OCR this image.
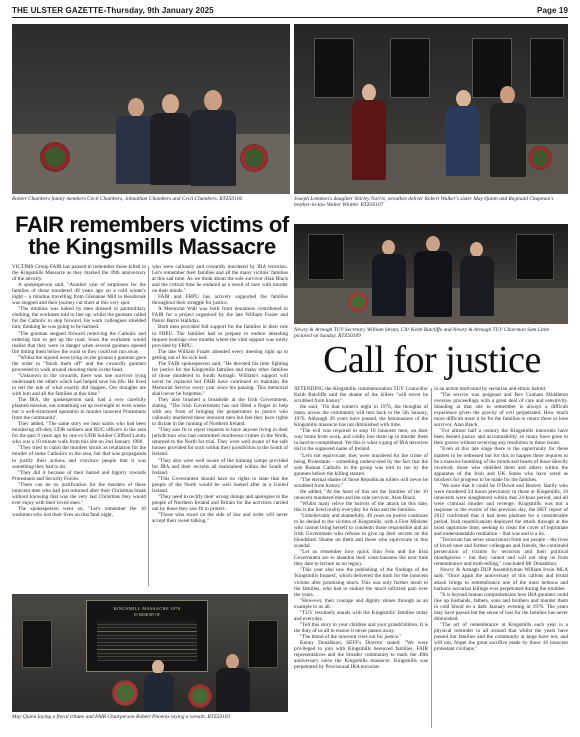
THE ULSTER GAZETTE-Thursday, 9th January 2025	Page 19
Robert Chambers family members Cecil Chambers, Johnathan Chambers and Cecil Chambers. RTZ50106	Joseph Lemmon's daughter Shirley Norris, wreathes deliver Robert Walker's sister May Quinn and Reginald Chapman's brother-in-law Walter Whittle. RTZ50107
FAIR remembers victims of the Kingsmills Massacre

VICTIMS Group FAIR has paused to remember those killed in the Kingsmills Massacre as they marked the 49th anniversary of the atrocity.

A spokesperson said, "Another year of emptiness for the families of those murdered 49 years ago on a cold winter's night – a minibus travelling from Glenanne Mill to Bessbrook was stopped and their journey cut short at this very spot.

"The minibus was halted by men dressed in paramilitary clothing, the workmen told to line up; whilst the gunman called for the Catholic to step forward, his work colleagues shielded him, thinking he was going to be harmed.

"The gunman stepped forward removing the Catholic and ordering him to get up the road. Soon the workmen would realise that they were in danger when several gunmen opened fire hitting them below the waist so they could not run away.

"Whilst the injured were lying on the ground a gunman gave the order to "finish them off" and the cowardly gunmen proceeded to walk around shooting them in the head.

"Unknown to the cowards, there was one survivor lying underneath the others which had helped save his life. He lived to tell the tale of what exactly did happen. Our thoughts are with him and all the families at this time."

The IRA, the spokesperson said, had a very carefully planned mission, not something set up overnight or even weeks but 'a well-structured operation to murder innocent Protestants from the community'.

They added, "The same story we hear saints who had been murdering off-duty UDR soldiers and RUC officers in the area for the past 9 years ago by one ex-UDR Soldier Clifford Lundy who was a 10 minute walk from this site on 2nd January 1980.

"They tried to claim the murders struck as retaliation for the murder of some Catholics in the area, but that was propaganda to justify their actions and convince people that it was something they had to do.

"They did it because of their hatred and bigotry towards Protestants and Security Forces.

"There can be no justification for the murders of these innocent men who had just returned after their Christmas break without knowing that was the very last Christmas they would ever enjoy with their loved ones."

The spokesperson went on, "Let's remember the 10 workmen who lost their lives on that fatal night,

who were callously and cowardly murdered by IRA terrorists. Let's remember their families and all the many victims' families at this sad time. As we think about the sole survivor Alan Black and the critical time he endured as a result of men with murder on their minds."

FAIR and FRPU has actively supported the families throughout their struggle for justice.

A Memorial Wall was built from donations contributed to FAIR for a project organised by the late William Frazer and Pastor Barrie Halliday.

Both men provided full support for the families in their role in FRPU. The families had to prepare to endure attending Inquest hearings over months where the vital support was solely provided by FRPU.

The late William Frazer attended every meeting right up to getting out of his sick bed.

The FAIR spokesperson said, "He devoted his time fighting for justice for the Kingsmills families and many other families of those murdered in South Armagh. William's support will never be replaced but FAIR have continued to maintain the Memorial Service every year since his passing. This memorial shall never be forgotten."

They also brushed a broadside at the Irish Government, stating, "The Irish Government has not lifted a finger to help with any form of bringing the perpetrators to justice who callously murdered these innocent men but feel they have rights to dictate in the running of Northern Ireland.

"They saw fit to reject requests to have anyone living in their jurisdiction who had committed murderous crimes in the North, returned to the North for trial. They were well aware of the safe houses provided for such within their jurisdiction in the South of Ireland.

"They also were well aware of the training camps provided for IRA and their recruits all maintained within the South of Ireland.

"This Government should have no rights to state that the people of the North would be well looked after in a United Ireland.

"They need to rectify their wrong doings and apologise to the people of Northern Ireland and Britain for the activities carried out by those they saw fit to protect.

"Those who stood on the side of law and order will never accept their sweet talking."

KINGSMILL MASSACRE 1976
IN MEMORY OF
May Quinn laying a floral tribute and FAIR Chairperson Robert Phoenix laying a wreath. RTZ50103
Newry & Armagh TUV Secretary William Strain, Cllr Keith Ratcliffe and Newry & Armagh TUV Chairman Sam Little pictured on Sunday. RTZ50109
Call for justice

ATTENDING the Kingsmills commemoration TUV Councillor Keith Ratcliffe said the shame of the killers "will never be scrubbed from history".

He said, "On that winter's night in 1976, the thoughts of many across the community will turn back to the 5th January, 1976. Although 49 years have passed, the heinousness of the Kingsmills massacre has not diminished with time.

"The evil was required to stop 10 innocent men, on their way home from work, and coldly line them up to murder them in hard-to-comprehend. Yet this is what a gang of IRA terrorists did in the supposed name of Ireland.

"Let's not equivocate, they were murdered for the crime of being Protestants – something underscored by the fact that the sole Roman Catholic in the group was told to run by the gunmen before the killing started.

"The eternal shame of those Republican killers will never be scrubbed from history."

He added, "At the heart of this are the families of the 10 innocent murdered men and the sole survivor, Alan Black.

"Whilst many relive the horrors of the attack on this date, this is the lived reality everyday for Alan and the families.

"Unbelievably and shamefully, 49 years on justice continues to be denied to the victims of Kingsmills, with a First Minister who cannot bring herself to condemn those responsible and an Irish Government who refuses to give up their secrets on the bloodshed. Shame on them and those who equivocate in this scandal.

"Let us remember how quick Sinn Fein and the Irish Government are to abandon their consciousness the next time they dare to lecture us on legacy.

"This year also saw the publishing of the findings of the 'Kingsmills Inquest', which delivered the truth for the innocent victims after promising much. This was only further insult to the families, who had to endure the much inflicted pain over the years.

"However, their courage and dignity shines through as an example to us all.

"TUV resolutely stands with the Kingsmills' families today and everyday.

"Tell this story to your children and your grandchildren. It is the duty of us all to ensure it never passes away.

"The blood of the innocent cries out for justice."

Kenny Donaldson, SEFF's Director stated: "We were privileged to join with Kingsmills bereaved families, FAIR representatives and the broader community to mark the 49th anniversary since the Kingsmills massacre. Kingsmills was perpetrated by Provisional IRA terrorists

in an action motivated by sectarian and ethnic hatred.

"The service was poignant and Rev Graham Middleton oversaw proceedings with a great deal of care and sensitivity. Standing at that site to remember is always a difficult experience given the gravity of evil perpetrated. How much more difficult must it be for the families to return there or lone survivor, Alan Black.

"For almost half a century the Kingsmills innocents have been denied justice and accountability, so many have gone to their graves without receiving any resolution to these issues.

"Even at this late stage there is the opportunity for these matters to be redressed but for this to happen there requires to be a massive humbling of the minds and hearts of those directly involved, those who shielded them and others within the apparatus of the Irish and UK States who have acted as blockers for progress to be made for the families.

"We note that it could be O'Dowd and Reavey family who were murdered 24 hours previously to those at Kingsmills, 16 innocents were slaughtered within that 24-hour period, and all were criminal murder and revenge. Kingsmills was not a response to the events of the previous day, the HET report of 2012 confirmed that it had been planned for a considerable period, Irish republicanism deployed the attack through at the most opportune time, seeking to clean the cover of legitimate and understandable retaliation – that was and is a lie.

"Terrorism has never stood much from our people – the lives of loved ones and former colleagues and friends, the continued persecution of victims by terrorists and their political mouthpieces – but they cannot and will not stop us from remembrance and truth-telling," concluded Mr Donaldson.

Newry & Armagh DUP Assemblyman William Irwin MLA said: "Once again the anniversary of this callous and brutal attack brings to remembrance one of the most heinous and barbaric sectarian killings ever perpetrated during the troubles.

"It is beyond human comprehension how IRA gunmen could line up husbands, fathers, sons and brothers and murder them in cold blood on a dark January evening in 1976. The years may have passed but the sense of loss for the families has never diminished.

"The act of remembrance at Kingsmills each year is a physical reminder to all around that whilst the years have passed but families and the community at large have not, and will not, forget the great sacrifice made by those 10 innocent protestant civilians."
